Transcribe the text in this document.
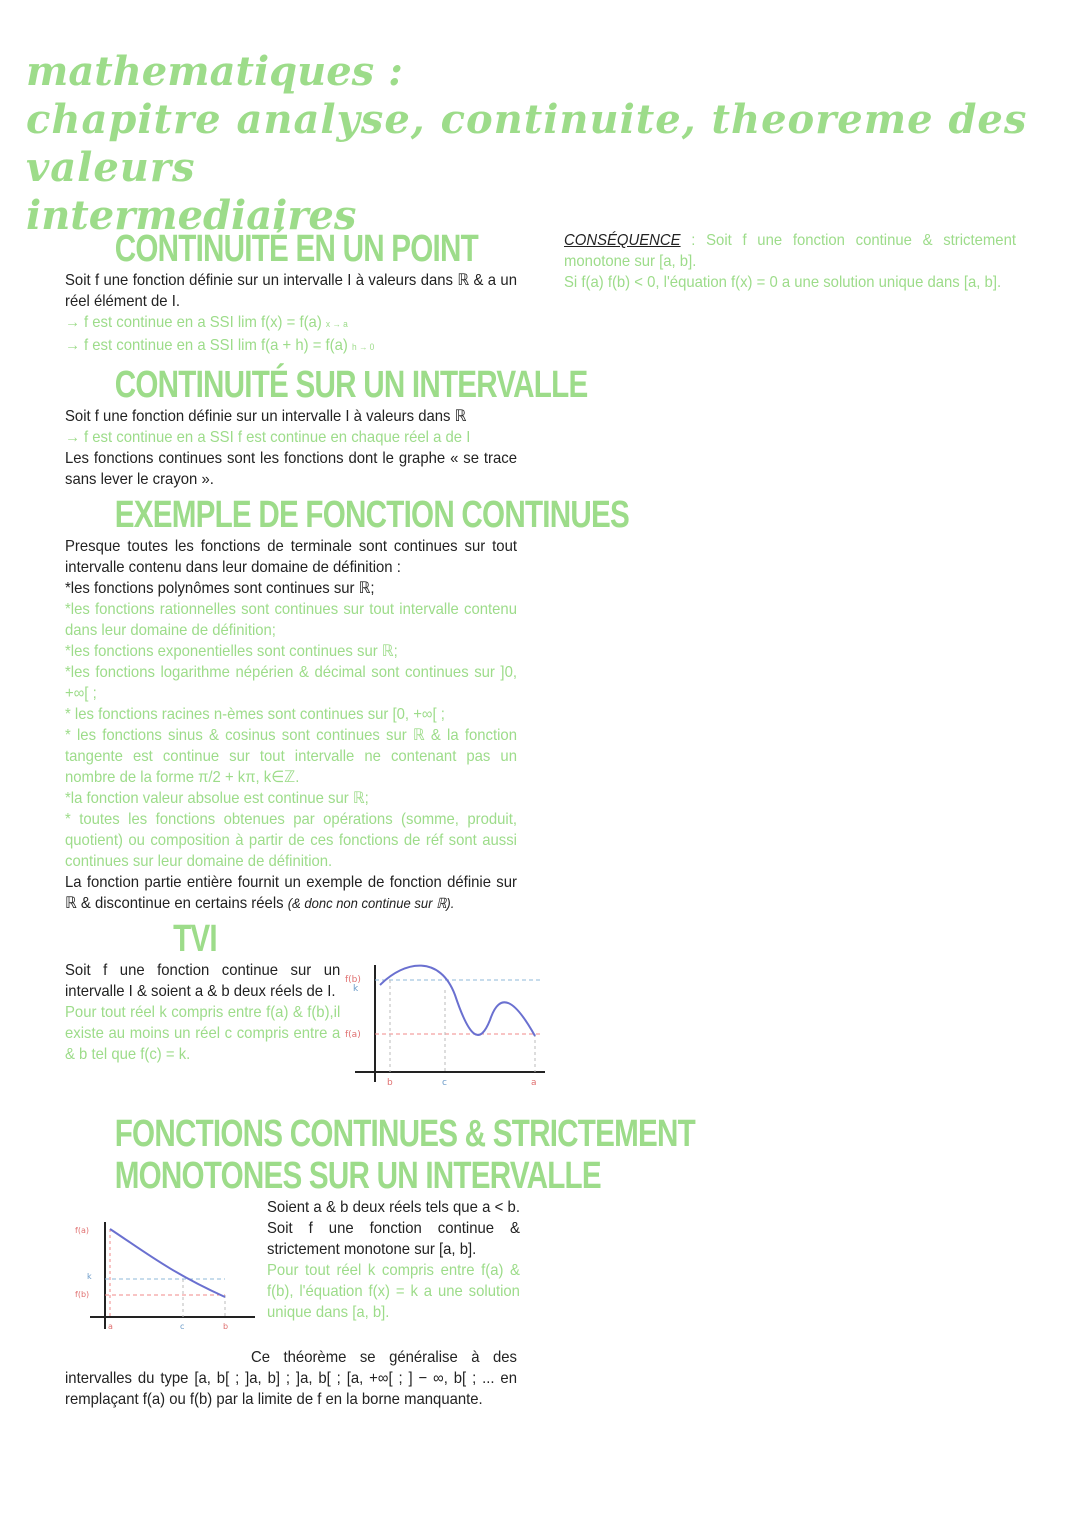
mathematiques :
chapitre analyse, continuite, theoreme des valeurs
intermediaires
CONTINUITÉ EN UN POINT

Soit f une fonction définie sur un intervalle I à valeurs dans ℝ & a un réel élément de I.

→ f est continue en a SSI lim f(x) = f(a) x → a

→ f est continue en a SSI lim f(a + h) = f(a) h → 0

CONTINUITÉ SUR UN INTERVALLE

Soit f une fonction définie sur un intervalle I à valeurs dans ℝ

→ f est continue en a SSI f est continue en chaque réel a de I

Les fonctions continues sont les fonctions dont le graphe « se trace sans lever le crayon ».

EXEMPLE DE FONCTION CONTINUES

Presque toutes les fonctions de terminale sont continues sur tout intervalle contenu dans leur domaine de définition :

*les fonctions polynômes sont continues sur ℝ;

*les fonctions rationnelles sont continues sur tout intervalle contenu dans leur domaine de définition;

*les fonctions exponentielles sont continues sur ℝ;

*les fonctions logarithme népérien & décimal sont continues sur ]0, +∞[ ;

* les fonctions racines n-èmes sont continues sur [0, +∞[ ;

* les fonctions sinus & cosinus sont continues sur ℝ & la fonction tangente est continue sur tout intervalle ne contenant pas un nombre de la forme π/2 + kπ, k∈ℤ.

*la fonction valeur absolue est continue sur ℝ;

* toutes les fonctions obtenues par opérations (somme, produit, quotient) ou composition à partir de ces fonctions de réf sont aussi continues sur leur domaine de définition.

La fonction partie entière fournit un exemple de fonction définie sur ℝ & discontinue en certains réels (& donc non continue sur ℝ).

TVI

Soit f une fonction continue sur un intervalle I & soient a & b deux réels de I.

Pour tout réel k compris entre f(a) & f(b),il existe au moins un réel c compris entre a & b tel que f(c) = k.

f(b)
k
f(a)
b	c	a
FONCTIONS CONTINUES & STRICTEMENT
MONOTONES SUR UN INTERVALLE
f(a)
k
f(b)
a	c	b

Soient a & b deux réels tels que a < b. Soit f une fonction continue & strictement monotone sur [a, b].

Pour tout réel k compris entre f(a) & f(b), l'équation f(x) = k a une solution unique dans [a, b].

Ce théorème se généralise à des intervalles du type [a, b[ ; ]a, b] ; ]a, b[ ; [a, +∞[ ; ] − ∞, b[ ; ... en remplaçant f(a) ou f(b) par la limite de f en la borne manquante.

CONSÉQUENCE : Soit f une fonction continue & strictement monotone sur [a, b].

Si f(a) f(b) < 0, l'équation f(x) = 0 a une solution unique dans [a, b].
